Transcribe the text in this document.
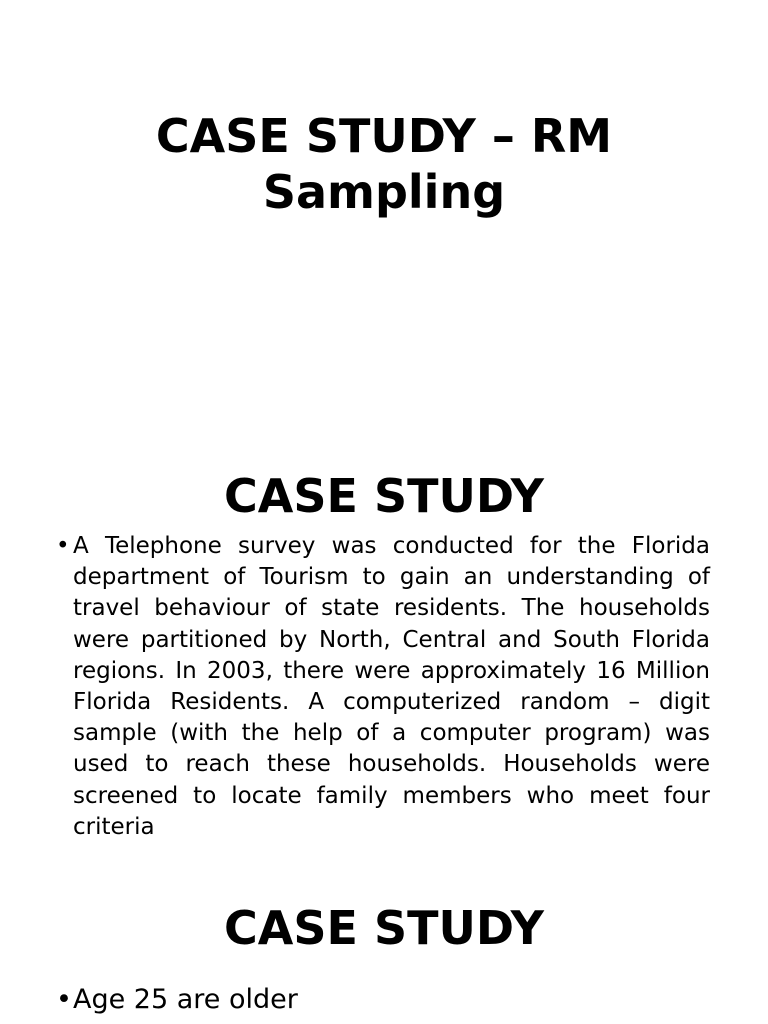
CASE STUDY – RM
Sampling
CASE STUDY
• A Telephone survey was conducted for the Florida department of Tourism to gain an understanding of travel behaviour of state residents. The households were partitioned by North, Central and South Florida regions. In 2003, there were approximately 16 Million Florida Residents. A computerized random – digit sample (with the help of a computer program) was used to reach these households. Households were screened to locate family members who meet four criteria
CASE STUDY
• Age 25 are older
